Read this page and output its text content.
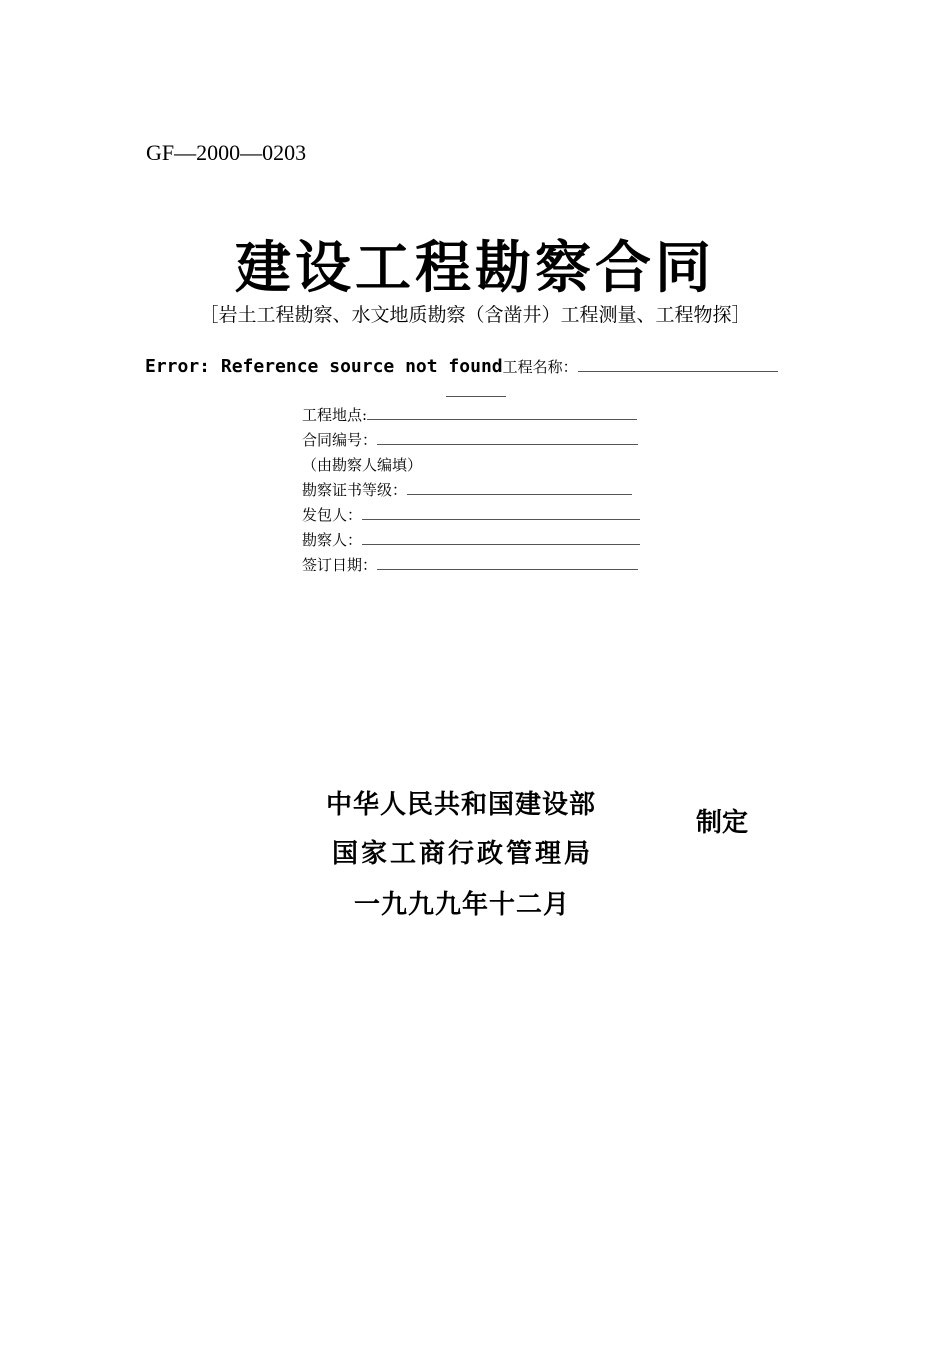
GF—2000—0203
建设工程勘察合同
［岩土工程勘察、水文地质勘察（含凿井）工程测量、工程物探］
Error: Reference source not found工程名称：
工程地点:
合同编号：
（由勘察人编填）
勘察证书等级：
发包人：
勘察人：
签订日期：
中华人民共和国建设部
国家工商行政管理局
一九九九年十二月
制定
